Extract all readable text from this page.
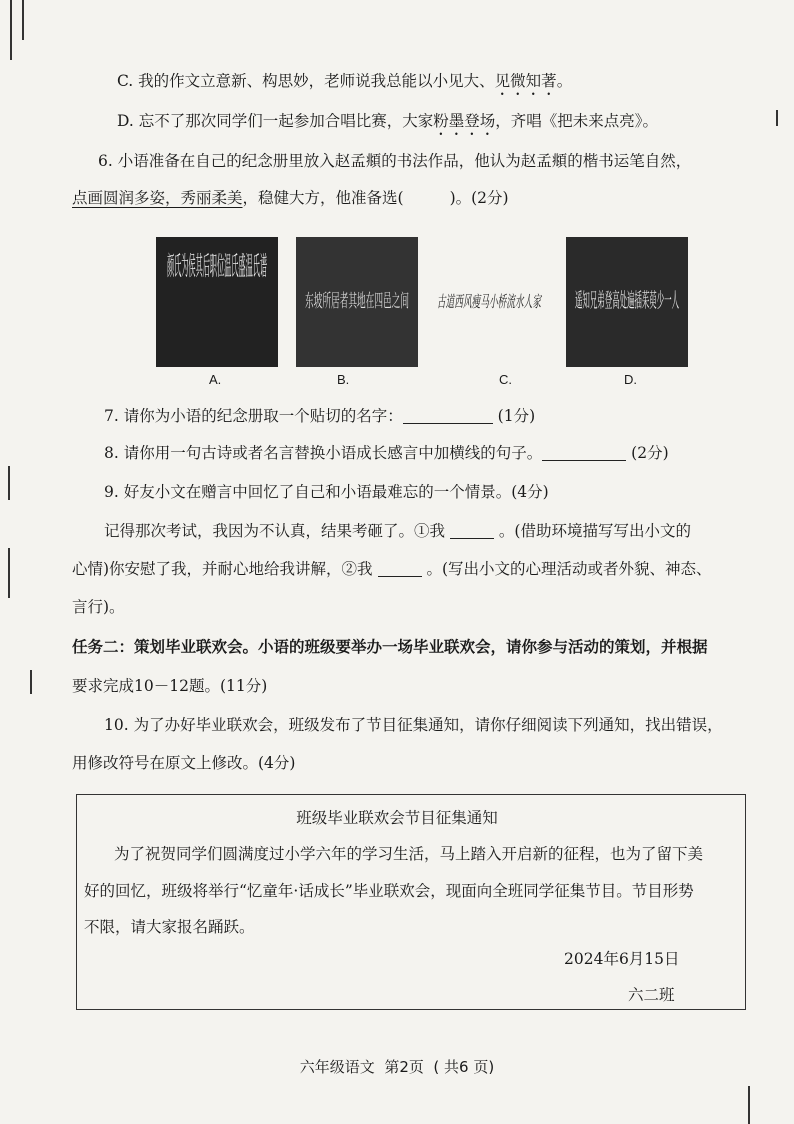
C. 我的作文立意新、构思妙，老师说我总能以小见大、见微知著。
D. 忘不了那次同学们一起参加合唱比赛，大家粉墨登场，齐唱《把未来点亮》。
6. 小语准备在自己的纪念册里放入赵孟頫的书法作品，他认为赵孟頫的楷书运笔自然，
点画圆润多姿，秀丽柔美，稳健大方，他准备选(	)。(2分)
颜氏为侯其后职位温氏盛温氏谱
东坡所居者其地在四邑之间 古道西风瘦马小桥流水人家 遥知兄弟登高处遍插茱萸少一人
A.	B.	C.	D.
7. 请你为小语的纪念册取一个贴切的名字：	(1分)
8. 请你用一句古诗或者名言替换小语成长感言中加横线的句子。	(2分)
9. 好友小文在赠言中回忆了自己和小语最难忘的一个情景。(4分)
记得那次考试，我因为不认真，结果考砸了。①我	。(借助环境描写写出小文的
心情)你安慰了我，并耐心地给我讲解，②我	。(写出小文的心理活动或者外貌、神态、
言行)。
任务二：策划毕业联欢会。小语的班级要举办一场毕业联欢会，请你参与活动的策划，并根据
要求完成10－12题。(11分)
10. 为了办好毕业联欢会，班级发布了节目征集通知，请你仔细阅读下列通知，找出错误，
用修改符号在原文上修改。(4分)
班级毕业联欢会节目征集通知
为了祝贺同学们圆满度过小学六年的学习生活，马上踏入开启新的征程，也为了留下美
好的回忆，班级将举行“忆童年·话成长”毕业联欢会，现面向全班同学征集节目。节目形势
不限，请大家报名踊跃。
2024年6月15日
六二班
六年级语文 第2页 ( 共6 页)
